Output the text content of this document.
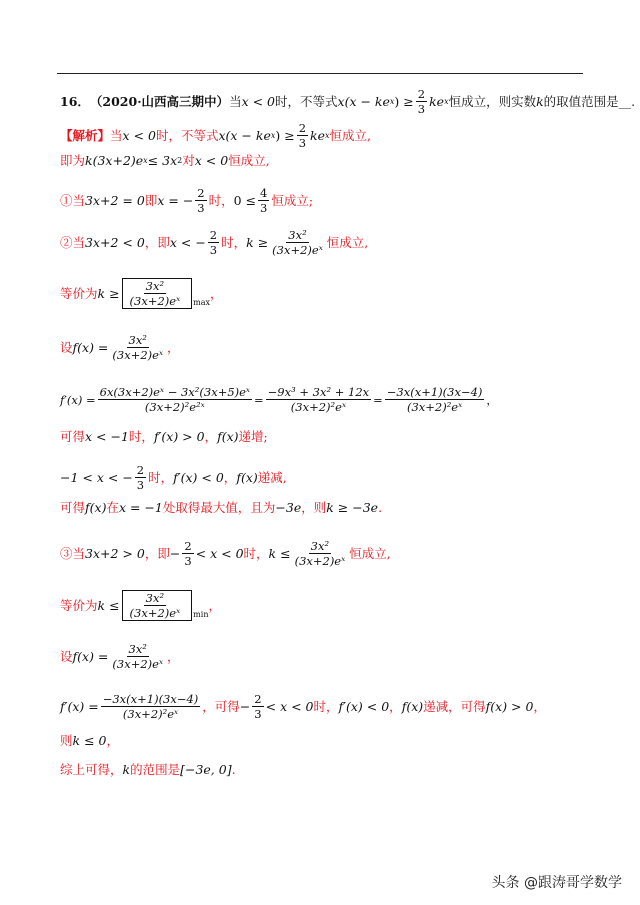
16． （2020·山西高三期中） 当 x < 0 时，不等式 x(x − ke x ) ≥ $\frac{2}{3}$ ke x 恒成立，则实数 k 的取值范围是__.
【解析】 当 x < 0 时，不等式 x(x − ke x ) ≥ $\frac{2}{3}$ ke x 恒成立,
即为 k(3x+2)e x ≤ 3x 2 对 x < 0 恒成立,
①当 3x+2 = 0 即 x = − $\frac{2}{3}$ 时， $0 \le \frac{4}{3}$ 恒成立;
②当 3x+2 < 0 ，即 x < − $\frac{2}{3}$ 时， $k \ge \frac{\text{3x²}}{\text{(3x+2)eˣ}}$ 恒成立,
等价为 $k \ge \frac{\text{3x²}}{\text{(3x+2)eˣ}}$ max
，
设 $f(x) = \frac{\text{3x²}}{\text{(3x+2)eˣ}}$ ，
$f'(x) = \frac{\text{6x(3x+2)eˣ − 3x²(3x+5)eˣ}}{\text{(3x+2)²e²ˣ}} = \frac{\text{−9x³ + 3x² + 12x}}{\text{(3x+2)²eˣ}} = \frac{-3x(x+1)(3x-4)}{\text{(3x+2)²eˣ}}$ ，
可得 x < −1 时， f′(x) > 0 ， f(x) 递增;
−1 < x < − $\frac{2}{3}$ 时， f′(x) < 0 ， f(x) 递减,
可得 f(x) 在 x = −1 处取得最大值，且为 −3e ，则 k ≥ −3e .
③当 3x+2 > 0 ，即 − $\frac{2}{3} < x < 0$ 时， $k \le \frac{\text{3x²}}{\text{(3x+2)eˣ}}$ 恒成立,
等价为 $k \le \frac{\text{3x²}}{\text{(3x+2)eˣ}}$ min
，
设 $f(x) = \frac{\text{3x²}}{\text{(3x+2)eˣ}}$ ，
$f'(x) = \frac{-3x(x+1)(3x-4)}{\text{(3x+2)²eˣ}}$ ，可得 − $\frac{2}{3} < x < 0$ 时， f′(x) < 0 ， f(x) 递减，可得 f(x) > 0 ，
则 k ≤ 0 ，
综上可得， k 的范围是 [−3e, 0] .
头条 @跟涛哥学数学
